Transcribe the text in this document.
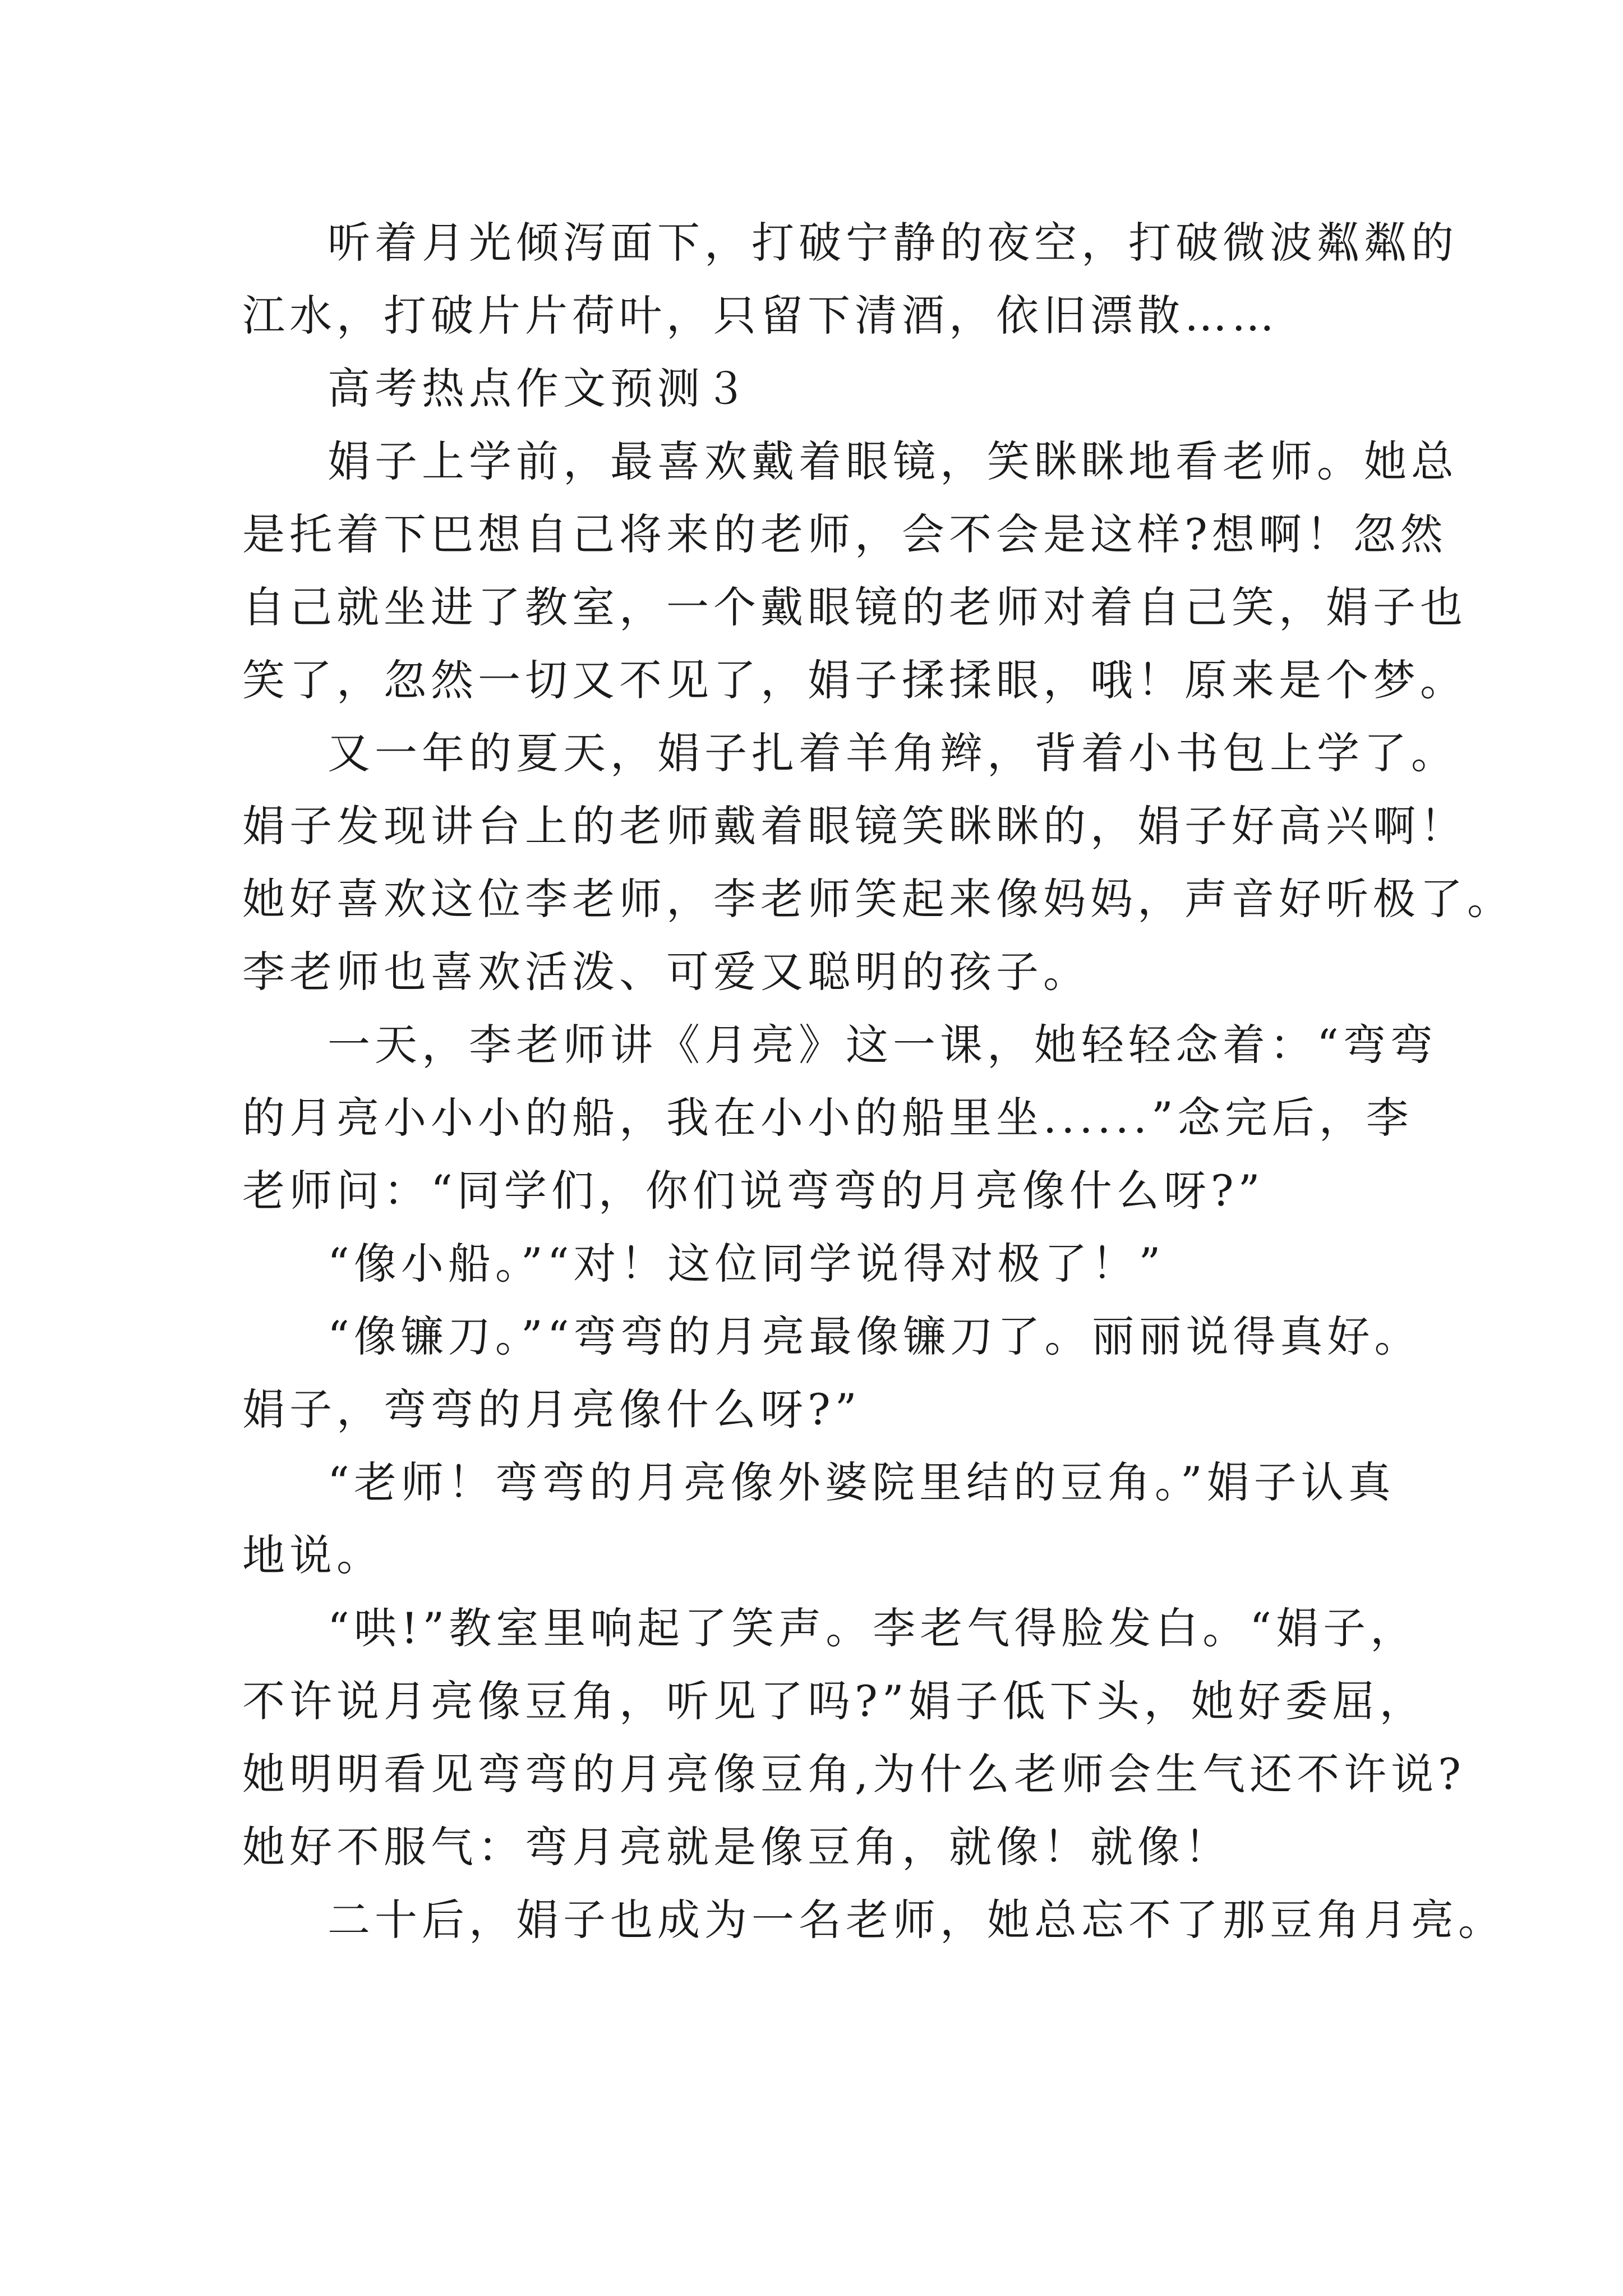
听着月光倾泻面下，打破宁静的夜空，打破微波粼粼的
江水，打破片片荷叶，只留下清酒，依旧漂散……
高考热点作文预测３
娟子上学前，最喜欢戴着眼镜，笑眯眯地看老师。她总
是托着下巴想自己将来的老师，会不会是这样?想啊！忽然
自己就坐进了教室，一个戴眼镜的老师对着自己笑，娟子也
笑了，忽然一切又不见了，娟子揉揉眼，哦！原来是个梦。
又一年的夏天，娟子扎着羊角辫，背着小书包上学了。
娟子发现讲台上的老师戴着眼镜笑眯眯的，娟子好高兴啊！
她好喜欢这位李老师，李老师笑起来像妈妈，声音好听极了。
李老师也喜欢活泼、可爱又聪明的孩子。
一天，李老师讲《月亮》这一课，她轻轻念着：“弯弯
的月亮小小小的船，我在小小的船里坐......”念完后，李
老师问：“同学们，你们说弯弯的月亮像什么呀?”
“像小船。”“对！这位同学说得对极了！”
“像镰刀。”“弯弯的月亮最像镰刀了。丽丽说得真好。
娟子，弯弯的月亮像什么呀?”
“老师！弯弯的月亮像外婆院里结的豆角。”娟子认真
地说。
“哄!”教室里响起了笑声。李老气得脸发白。“娟子，
不许说月亮像豆角，听见了吗?”娟子低下头，她好委屈，
她明明看见弯弯的月亮像豆角,为什么老师会生气还不许说?
她好不服气：弯月亮就是像豆角，就像！就像！
二十后，娟子也成为一名老师，她总忘不了那豆角月亮。
